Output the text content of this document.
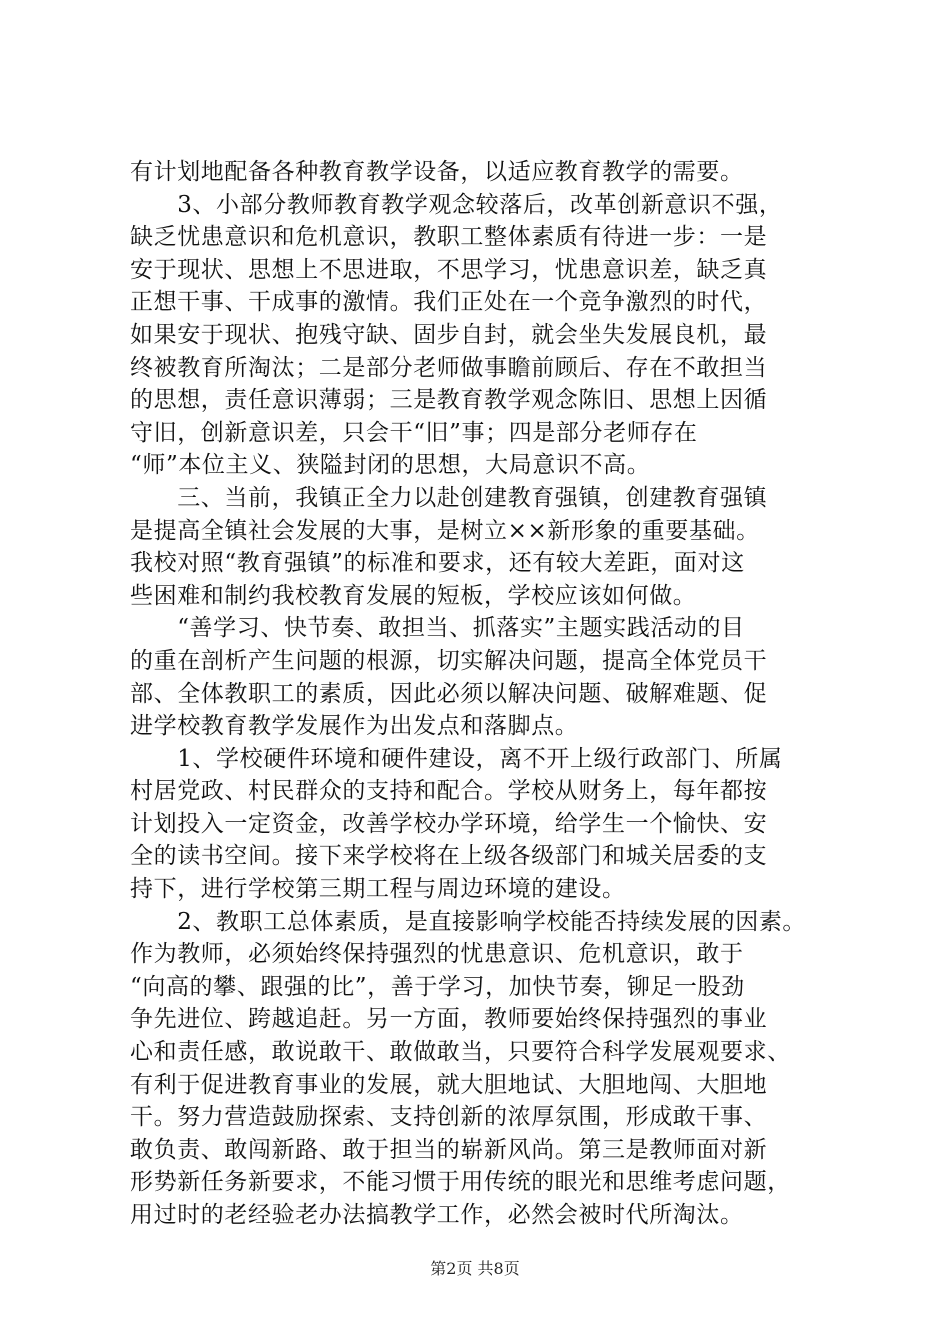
有计划地配备各种教育教学设备，以适应教育教学的需要。
　　3、小部分教师教育教学观念较落后，改革创新意识不强，
缺乏忧患意识和危机意识，教职工整体素质有待进一步：一是
安于现状、思想上不思进取，不思学习，忧患意识差，缺乏真
正想干事、干成事的激情。我们正处在一个竞争激烈的时代，
如果安于现状、抱残守缺、固步自封，就会坐失发展良机，最
终被教育所淘汰；二是部分老师做事瞻前顾后、存在不敢担当
的思想，责任意识薄弱；三是教育教学观念陈旧、思想上因循
守旧，创新意识差，只会干“旧”事；四是部分老师存在
“师”本位主义、狭隘封闭的思想，大局意识不高。
　　三、当前，我镇正全力以赴创建教育强镇，创建教育强镇
是提高全镇社会发展的大事，是树立××新形象的重要基础。
我校对照“教育强镇”的标准和要求，还有较大差距，面对这
些困难和制约我校教育发展的短板，学校应该如何做。
　　“善学习、快节奏、敢担当、抓落实”主题实践活动的目
的重在剖析产生问题的根源，切实解决问题，提高全体党员干
部、全体教职工的素质，因此必须以解决问题、破解难题、促
进学校教育教学发展作为出发点和落脚点。
　　1、学校硬件环境和硬件建设，离不开上级行政部门、所属
村居党政、村民群众的支持和配合。学校从财务上，每年都按
计划投入一定资金，改善学校办学环境，给学生一个愉快、安
全的读书空间。接下来学校将在上级各级部门和城关居委的支
持下，进行学校第三期工程与周边环境的建设。
　　2、教职工总体素质，是直接影响学校能否持续发展的因素。
作为教师，必须始终保持强烈的忧患意识、危机意识，敢于
“向高的攀、跟强的比”，善于学习，加快节奏，铆足一股劲
争先进位、跨越追赶。另一方面，教师要始终保持强烈的事业
心和责任感，敢说敢干、敢做敢当，只要符合科学发展观要求、
有利于促进教育事业的发展，就大胆地试、大胆地闯、大胆地
干。努力营造鼓励探索、支持创新的浓厚氛围，形成敢干事、
敢负责、敢闯新路、敢于担当的崭新风尚。第三是教师面对新
形势新任务新要求，不能习惯于用传统的眼光和思维考虑问题，
用过时的老经验老办法搞教学工作，必然会被时代所淘汰。
第2页 共8页
